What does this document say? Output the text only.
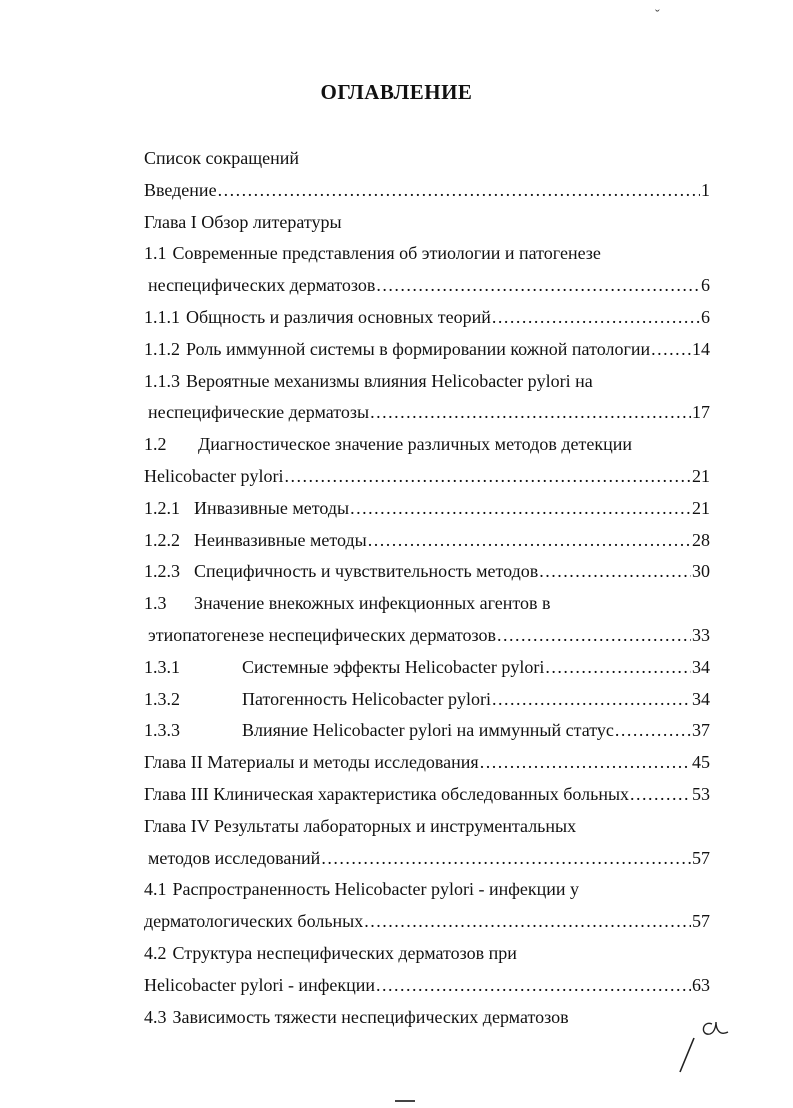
ОГЛАВЛЕНИЕ
Список сокращений
Введение .....	1
Глава I Обзор литературы
1.1 Современные представления об этиологии и патогенезе
неспецифических дерматозов .....	6
1.1.1 Общность и различия основных теорий .....	6
1.1.2 Роль иммунной системы в формировании кожной патологии ..... 14
1.1.3 Вероятные механизмы влияния Helicobacter pylori на
неспецифические дерматозы .....	17
1.2	Диагностическое значение различных методов детекции
Helicobacter pylori .....	21
1.2.1 Инвазивные методы .....	21
1.2.2 Неинвазивные методы .....	28
1.2.3 Специфичность и чувствительность методов .....	30
1.3	Значение внекожных инфекционных агентов в
этиопатогенезе неспецифических дерматозов .....	33
1.3.1	Системные эффекты Helicobacter pylori .....	34
1.3.2	Патогенность Helicobacter pylori .....	34
1.3.3	Влияние Helicobacter pylori на иммунный статус .....	37
Глава II Материалы и методы исследования .....	45
Глава III Клиническая характеристика обследованных больных .....	53
Глава IV Результаты лабораторных и инструментальных
методов исследований .....	57
4.1 Распространенность Helicobacter pylori - инфекции у
дерматологических больных .....	57
4.2 Структура неспецифических дерматозов при
Helicobacter pylori - инфекции .....	63
4.3 Зависимость тяжести неспецифических дерматозов
ˇ
